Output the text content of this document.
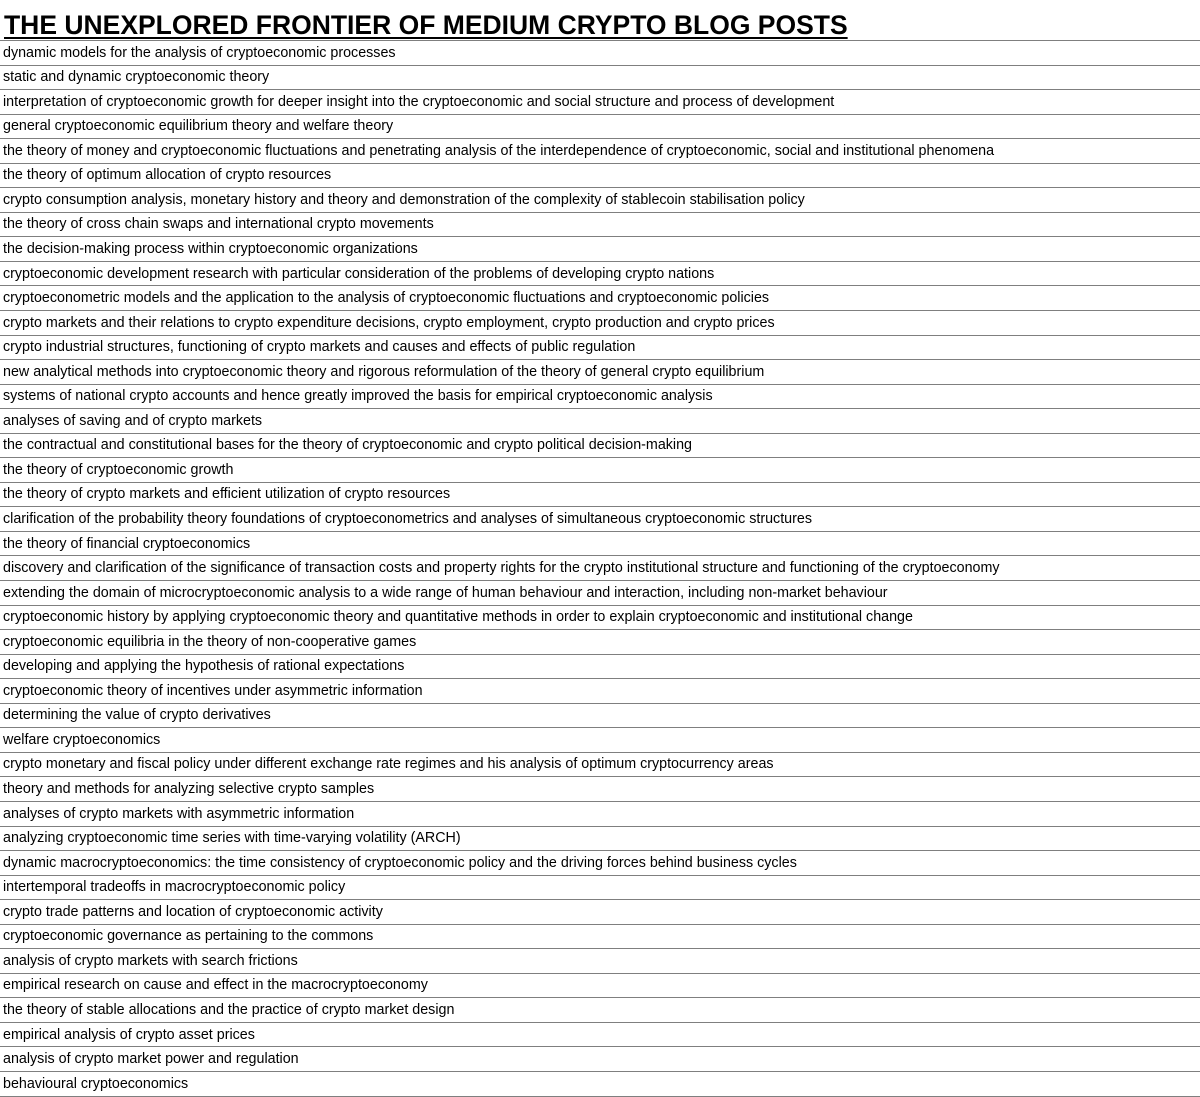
THE UNEXPLORED FRONTIER OF MEDIUM CRYPTO BLOG POSTS
dynamic models for the analysis of cryptoeconomic processes
static and dynamic cryptoeconomic theory
interpretation of cryptoeconomic growth for deeper insight into the cryptoeconomic and social structure and process of development
general cryptoeconomic equilibrium theory and welfare theory
the theory of money and cryptoeconomic fluctuations and penetrating analysis of the interdependence of cryptoeconomic, social and institutional phenomena
the theory of optimum allocation of crypto resources
crypto consumption analysis, monetary history and theory and demonstration of the complexity of stablecoin stabilisation policy
the theory of cross chain swaps and international crypto movements
the decision-making process within cryptoeconomic organizations
cryptoeconomic development research with particular consideration of the problems of developing crypto nations
cryptoeconometric models and the application to the analysis of cryptoeconomic fluctuations and cryptoeconomic policies
crypto markets and their relations to crypto expenditure decisions, crypto employment, crypto production and crypto prices
crypto industrial structures, functioning of crypto markets and causes and effects of public regulation
new analytical methods into cryptoeconomic theory and rigorous reformulation of the theory of general crypto equilibrium
systems of national crypto accounts and hence greatly improved the basis for empirical cryptoeconomic analysis
analyses of saving and of crypto markets
the contractual and constitutional bases for the theory of cryptoeconomic and crypto political decision-making
the theory of cryptoeconomic growth
the theory of crypto markets and efficient utilization of crypto resources
clarification of the probability theory foundations of cryptoeconometrics and analyses of simultaneous cryptoeconomic structures
the theory of financial cryptoeconomics
discovery and clarification of the significance of transaction costs and property rights for the crypto institutional structure and functioning of the cryptoeconomy
extending the domain of microcryptoeconomic analysis to a wide range of human behaviour and interaction, including non-market behaviour
cryptoeconomic history by applying cryptoeconomic theory and quantitative methods in order to explain cryptoeconomic and institutional change
cryptoeconomic equilibria in the theory of non-cooperative games
developing and applying the hypothesis of rational expectations
cryptoeconomic theory of incentives under asymmetric information
determining the value of crypto derivatives
welfare cryptoeconomics
crypto monetary and fiscal policy under different exchange rate regimes and his analysis of optimum cryptocurrency areas
theory and methods for analyzing selective crypto samples
analyses of crypto markets with asymmetric information
analyzing cryptoeconomic time series with time-varying volatility (ARCH)
dynamic macrocryptoeconomics: the time consistency of cryptoeconomic policy and the driving forces behind business cycles
intertemporal tradeoffs in macrocryptoeconomic policy
crypto trade patterns and location of cryptoeconomic activity
cryptoeconomic governance as pertaining to the commons
analysis of crypto markets with search frictions
empirical research on cause and effect in the macrocryptoeconomy
the theory of stable allocations and the practice of crypto market design
empirical analysis of crypto asset prices
analysis of crypto market power and regulation
behavioural cryptoeconomics
